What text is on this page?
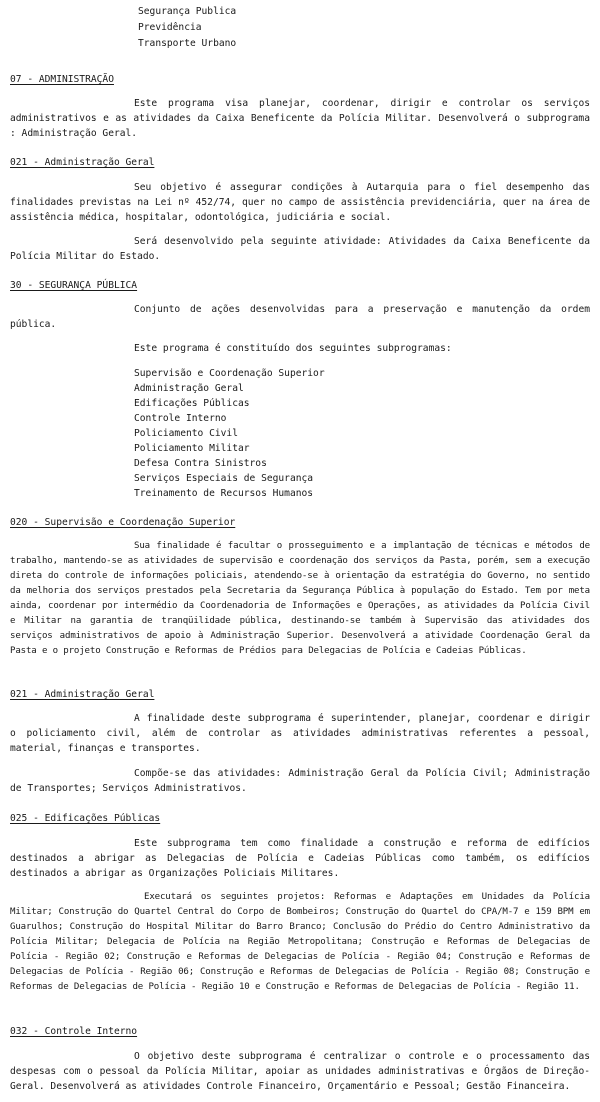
Segurança Publica
Previdência
Transporte Urbano
07 - ADMINISTRAÇÃO
Este programa visa planejar, coordenar, dirigir e controlar os serviços administrativos e as atividades da Caixa Beneficente da Polícia Militar. Desenvolverá o subprograma : Administração Geral.
021 - Administração Geral
Seu objetivo é assegurar condições à Autarquia para o fiel desempenho das finalidades previstas na Lei nº 452/74, quer no campo de assistência previdenciária, quer na área de assistência médica, hospitalar, odontológica, judiciária e social.
Será desenvolvido pela seguinte atividade: Atividades da Caixa Beneficente da Polícia Militar do Estado.
30 - SEGURANÇA PÚBLICA
Conjunto de ações desenvolvidas para a preservação e manutenção da ordem pública.
Este programa é constituído dos seguintes subprogramas:
Supervisão e Coordenação Superior
Administração Geral
Edificações Públicas
Controle Interno
Policiamento Civil
Policiamento Militar
Defesa Contra Sinistros
Serviços Especiais de Segurança
Treinamento de Recursos Humanos
020 - Supervisão e Coordenação Superior
Sua finalidade é facultar o prosseguimento e a implantação de técnicas e métodos de trabalho, mantendo-se as atividades de supervisão e coordenação dos serviços da Pasta, porém, sem a execução direta do controle de informações policiais, atendendo-se à orientação da estratégia do Governo, no sentido da melhoria dos serviços prestados pela Secretaria da Segurança Pública à população do Estado. Tem por meta ainda, coordenar por intermédio da Coordenadoria de Informações e Operações, as atividades da Polícia Civil e Militar na garantia de tranqüilidade pública, destinando-se também à Supervisão das atividades dos serviços administrativos de apoio à Administração Superior. Desenvolverá a atividade Coordenação Geral da Pasta e o projeto Construção e Reformas de Prédios para Delegacias de Polícia e Cadeias Públicas.
021 - Administração Geral
A finalidade deste subprograma é superintender, planejar, coordenar e dirigir o policiamento civil, além de controlar as atividades administrativas referentes a pessoal, material, finanças e transportes.
Compõe-se das atividades: Administração Geral da Polícia Civil; Administração de Transportes; Serviços Administrativos.
025 - Edificações Públicas
Este subprograma tem como finalidade a construção e reforma de edifícios destinados a abrigar as Delegacias de Polícia e Cadeias Públicas como também, os edifícios destinados a abrigar as Organizações Policiais Militares.
Executará os seguintes projetos: Reformas e Adaptações em Unidades da Polícia Militar; Construção do Quartel Central do Corpo de Bombeiros; Construção do Quartel do CPA/M-7 e 159 BPM em Guarulhos; Construção do Hospital Militar do Barro Branco; Conclusão do Prédio do Centro Administrativo da Polícia Militar; Delegacia de Polícia na Região Metropolitana; Construção e Reformas de Delegacias de Polícia - Região 02; Construção e Reformas de Delegacias de Polícia - Região 04; Construção e Reformas de Delegacias de Polícia - Região 06; Construção e Reformas de Delegacias de Polícia - Região 08; Construção e Reformas de Delegacias de Polícia - Região 10 e Construção e Reformas de Delegacias de Polícia - Região 11.
032 - Controle Interno
O objetivo deste subprograma é centralizar o controle e o processamento das despesas com o pessoal da Polícia Militar, apoiar as unidades administrativas e Órgãos de Direção-Geral. Desenvolverá as atividades Controle Financeiro, Orçamentário e Pessoal; Gestão Financeira.
